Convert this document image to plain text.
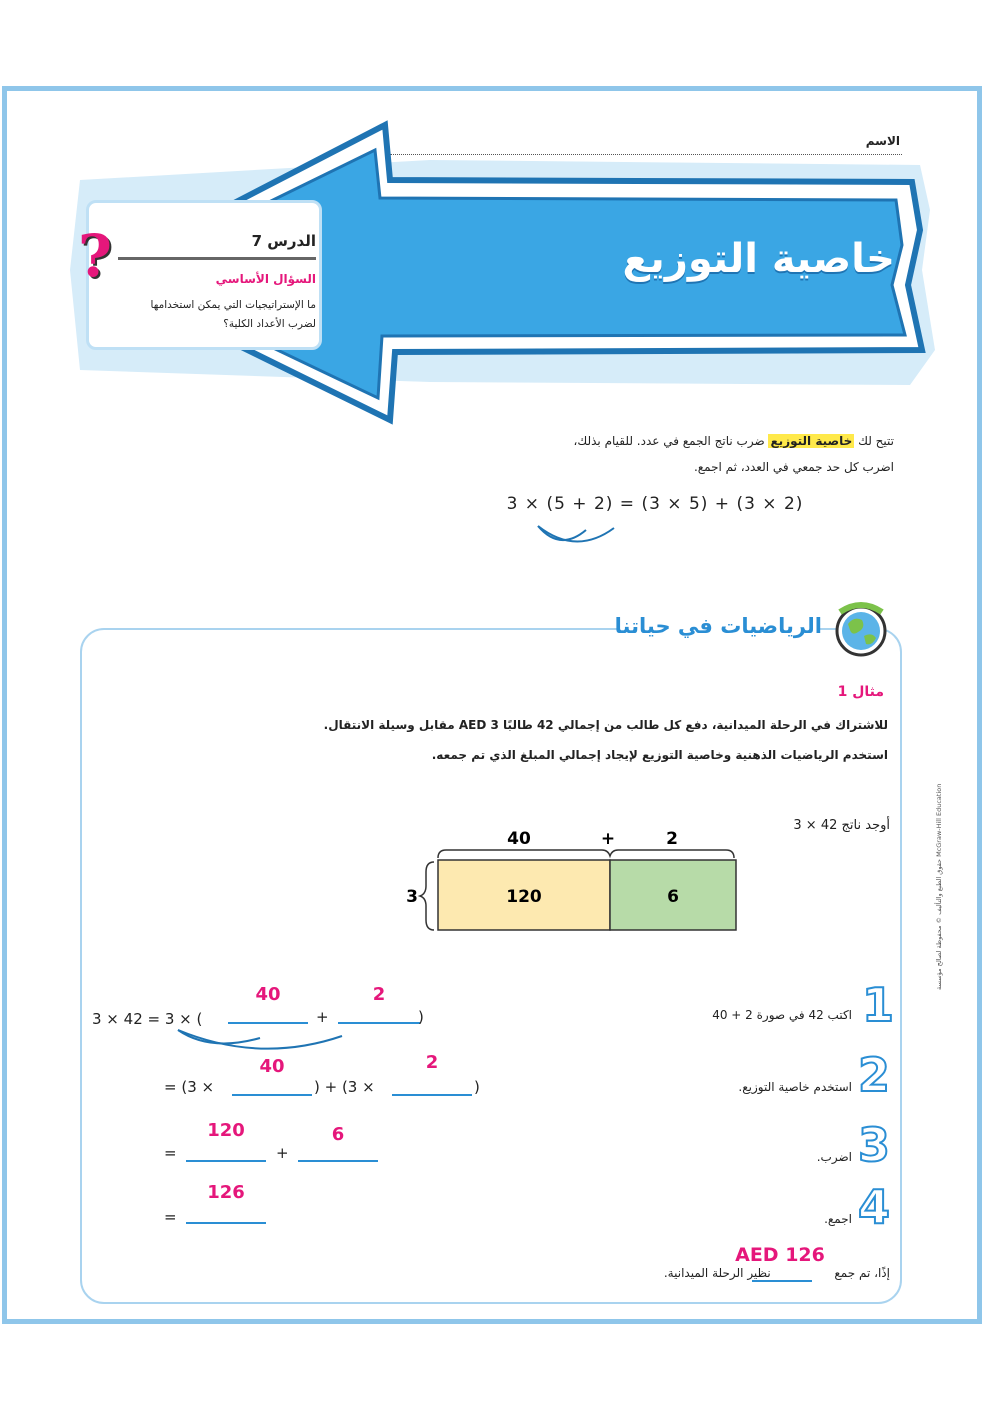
الاسم
خاصية التوزيع
الدرس 7
السؤال الأساسي
ما الإستراتيجيات التي يمكن استخدامها
لضرب الأعداد الكلية؟
?
تتيح لك خاصية التوزيع ضرب ناتج الجمع في عدد. للقيام بذلك،
اضرب كل حد جمعي في العدد، ثم اجمع.
3 × (5 + 2) = (3 × 5) + (3 × 2)
الرياضيات في حياتنا
مثال 1
للاشتراك في الرحلة الميدانية، دفع كل طالب من إجمالي 42 طالبًا AED 3 مقابل وسيلة الانتقال.
استخدم الرياضيات الذهنية وخاصية التوزيع لإيجاد إجمالي المبلغ الذي تم جمعه.
أوجد ناتج 42 × 3
40	+	2
120	6
3
1
اكتب 42 في صورة 2 + 40
2
استخدم خاصية التوزيع.
3
اضرب.
4
اجمع.
3 × 42 = 3 × (
40
+
2
)
= (3 ×
40
) + (3 ×
2
)
=
120
+
6
=
126
إذًا، تم جمع  نظير الرحلة الميدانية.
AED 126
حقوق الطبع والتأليف © محفوظة لصالح مؤسسة McGraw-Hill Education
